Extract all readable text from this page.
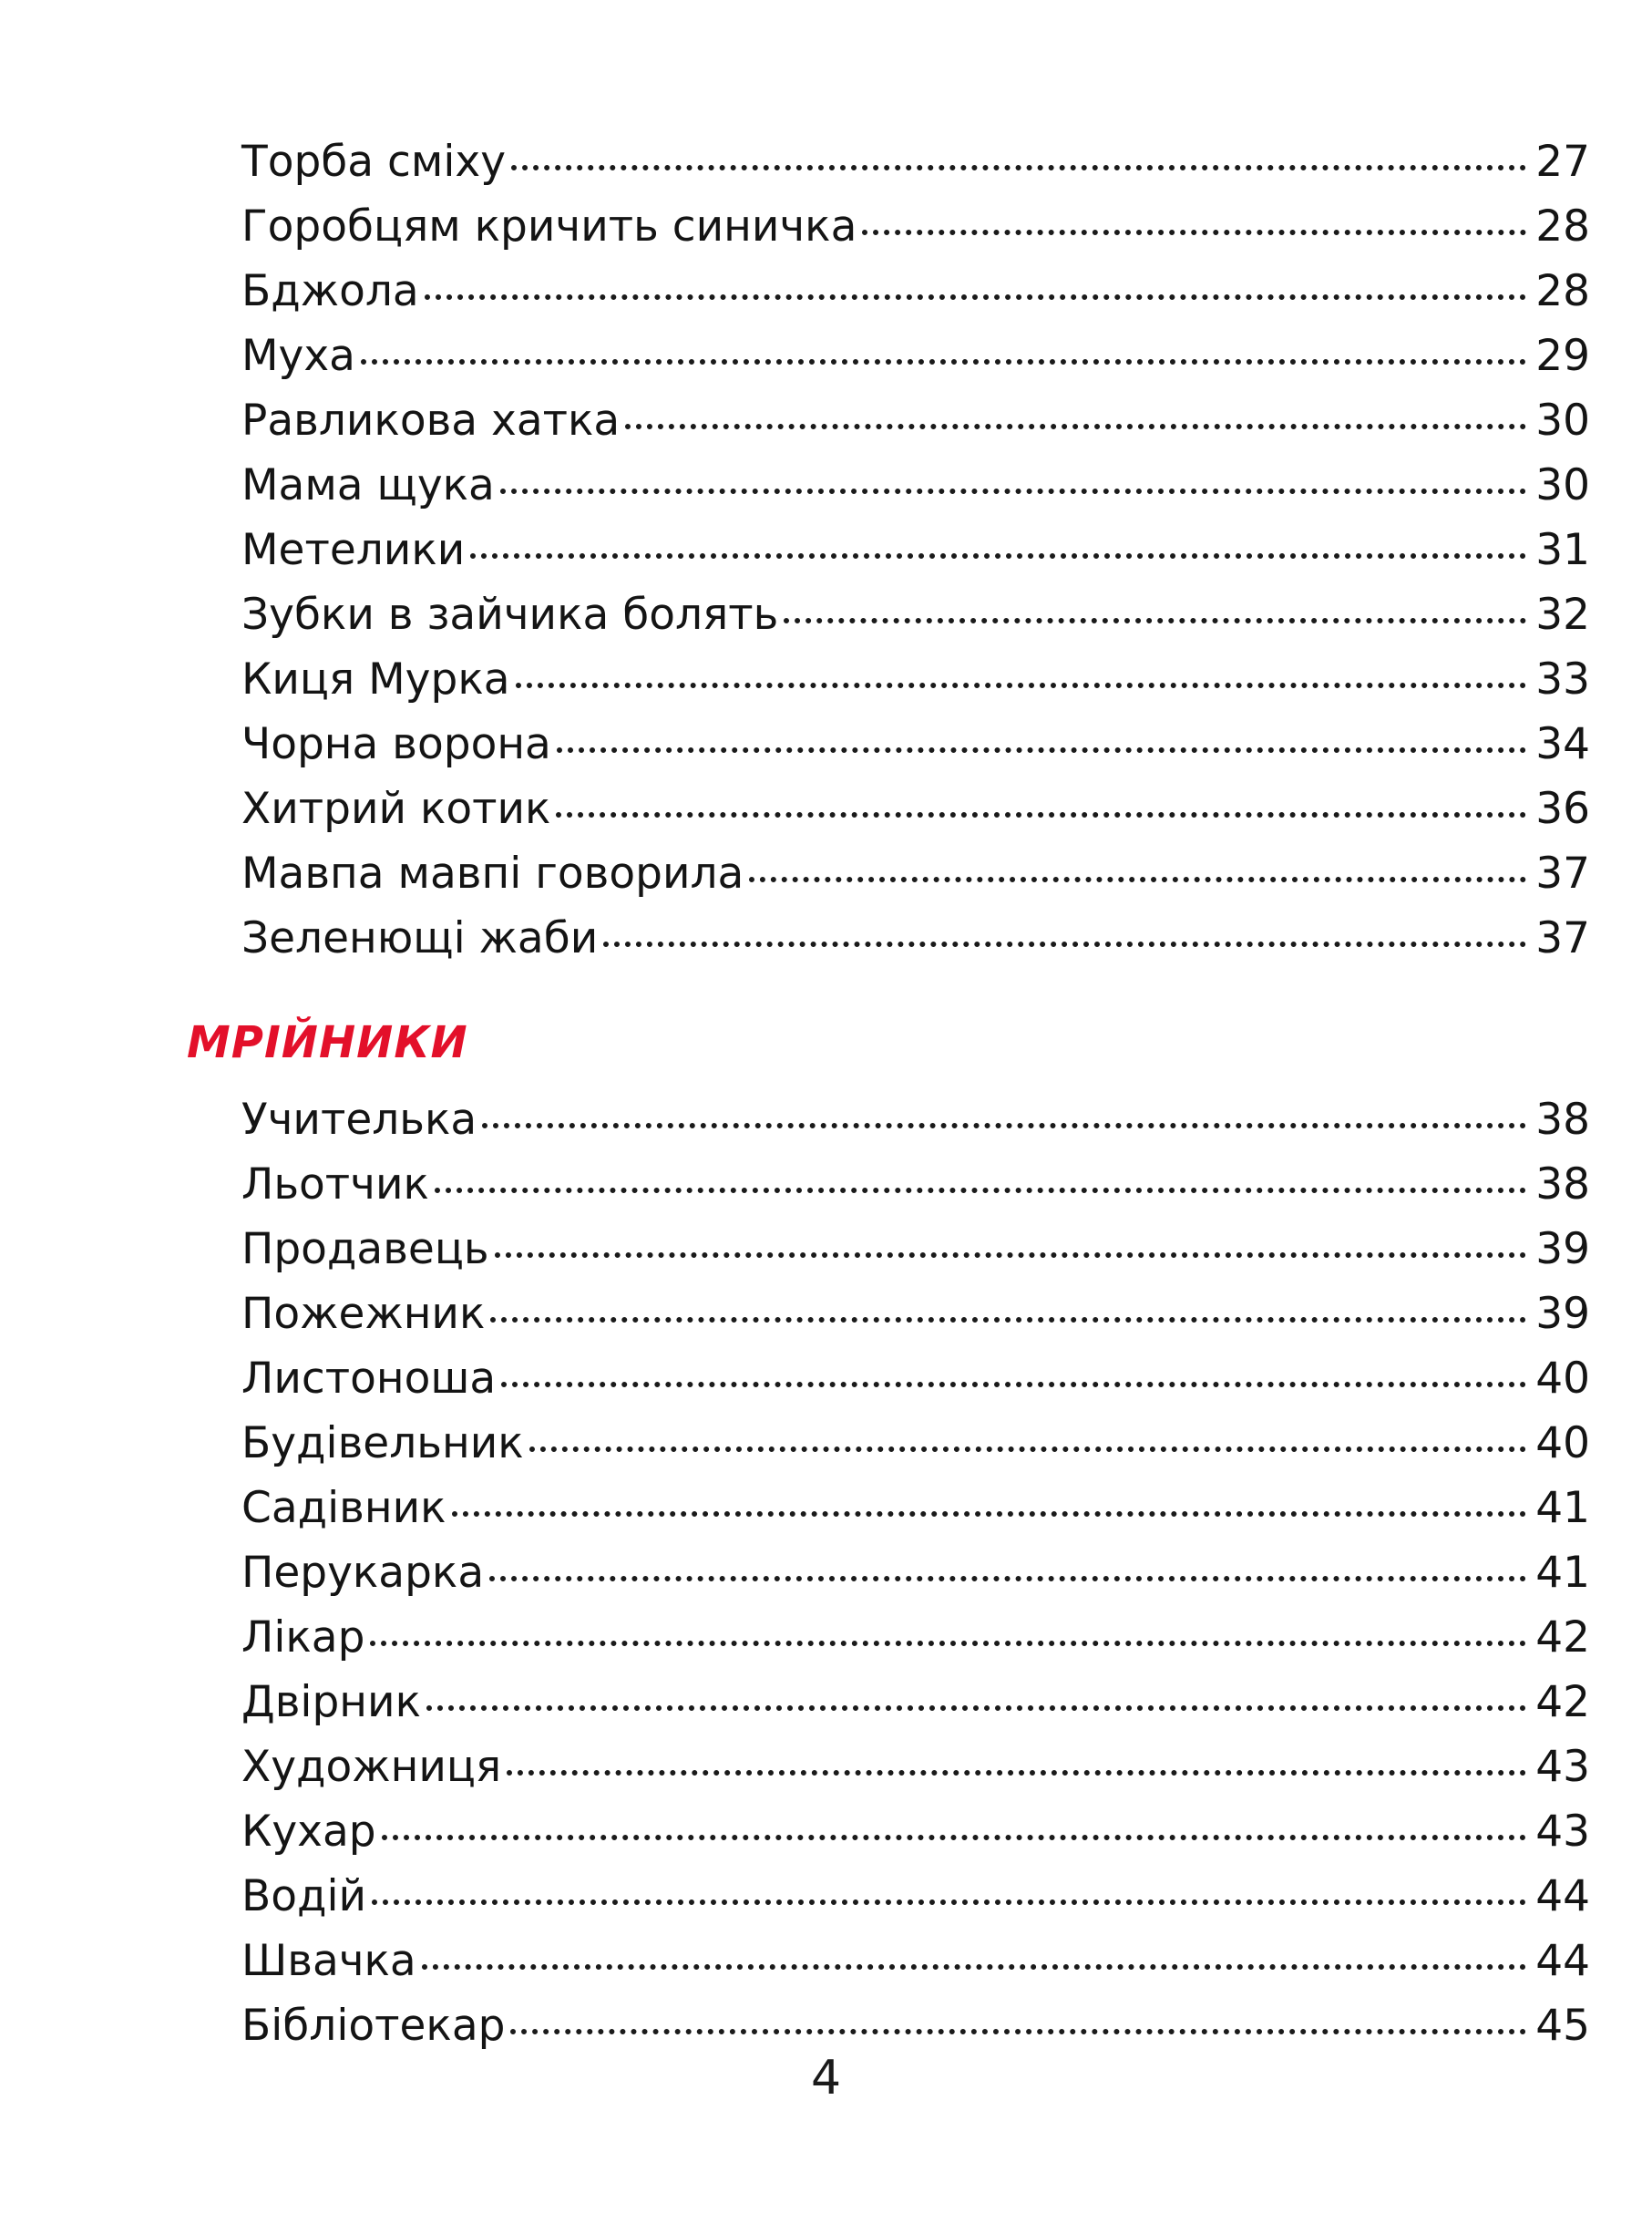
Торба сміху	27
Горобцям кричить синичка	28
Бджола	28
Муха	29
Равликова хатка	30
Мама щука	30
Метелики	31
Зубки в зайчика болять	32
Киця Мурка	33
Чорна ворона	34
Хитрий котик	36
Мавпа мавпі говорила	37
Зеленющі жаби	37
МРІЙНИКИ
Учителька	38
Льотчик	38
Продавець	39
Пожежник	39
Листоноша	40
Будівельник	40
Садівник	41
Перукарка	41
Лікар	42
Двірник	42
Художниця	43
Кухар	43
Водій	44
Швачка	44
Бібліотекар	45
4
